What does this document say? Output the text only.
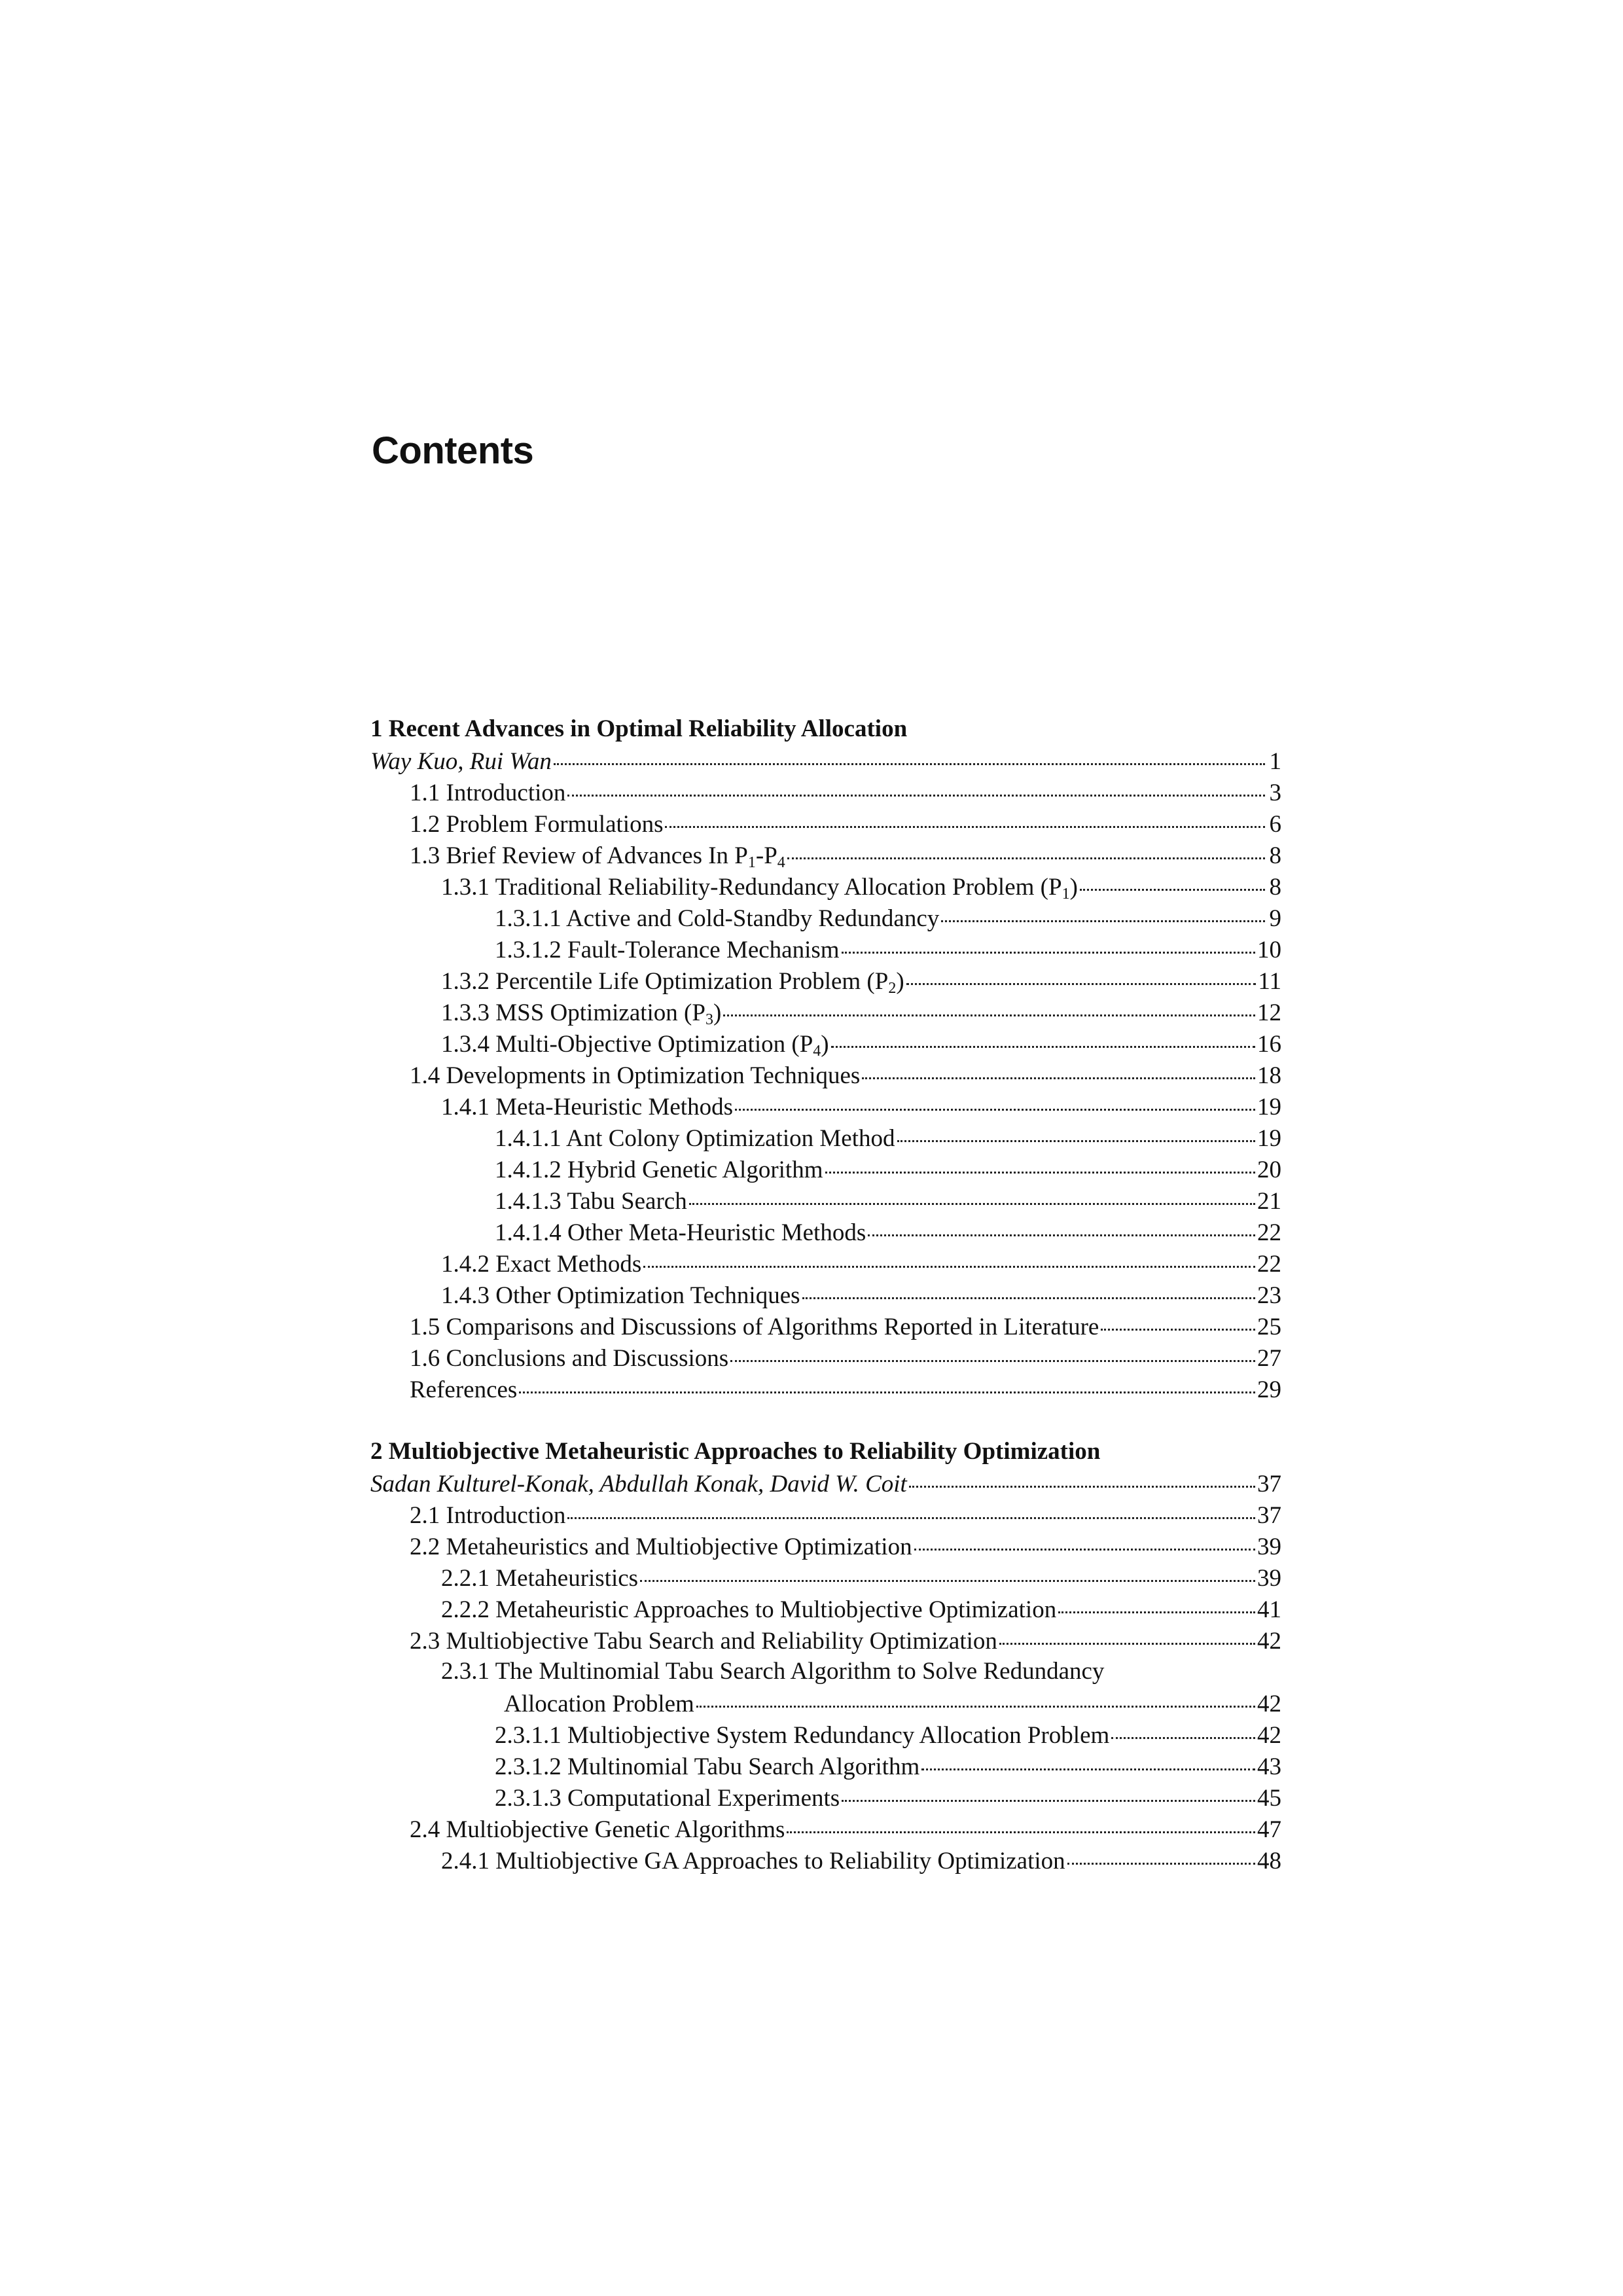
Contents
1 Recent Advances in Optimal Reliability Allocation
Way Kuo, Rui Wan	1
1.1 Introduction	3
1.2 Problem Formulations	6
1.3 Brief Review of Advances In $P_1-P_4$	8
1.3.1 Traditional Reliability-Redundancy Allocation Problem $(P_1)$	8
1.3.1.1 Active and Cold-Standby Redundancy	9
1.3.1.2 Fault-Tolerance Mechanism	10
1.3.2 Percentile Life Optimization Problem $(P_2)$	11
1.3.3 MSS Optimization $(P_3)$	12
1.3.4 Multi-Objective Optimization $(P_4)$	16
1.4 Developments in Optimization Techniques	18
1.4.1 Meta-Heuristic Methods	19
1.4.1.1 Ant Colony Optimization Method	19
1.4.1.2 Hybrid Genetic Algorithm	20
1.4.1.3 Tabu Search	21
1.4.1.4 Other Meta-Heuristic Methods	22
1.4.2 Exact Methods	22
1.4.3 Other Optimization Techniques	23
1.5 Comparisons and Discussions of Algorithms Reported in Literature	25
1.6 Conclusions and Discussions	27
References	29
2 Multiobjective Metaheuristic Approaches to Reliability Optimization
Sadan Kulturel-Konak, Abdullah Konak, David W. Coit	37
2.1 Introduction	37
2.2 Metaheuristics and Multiobjective Optimization	39
2.2.1 Metaheuristics	39
2.2.2 Metaheuristic Approaches to Multiobjective Optimization	41
2.3 Multiobjective Tabu Search and Reliability Optimization	42
2.3.1 The Multinomial Tabu Search Algorithm to Solve Redundancy
Allocation Problem	42
2.3.1.1 Multiobjective System Redundancy Allocation Problem	42
2.3.1.2 Multinomial Tabu Search Algorithm	43
2.3.1.3 Computational Experiments	45
2.4 Multiobjective Genetic Algorithms	47
2.4.1 Multiobjective GA Approaches to Reliability Optimization	48
